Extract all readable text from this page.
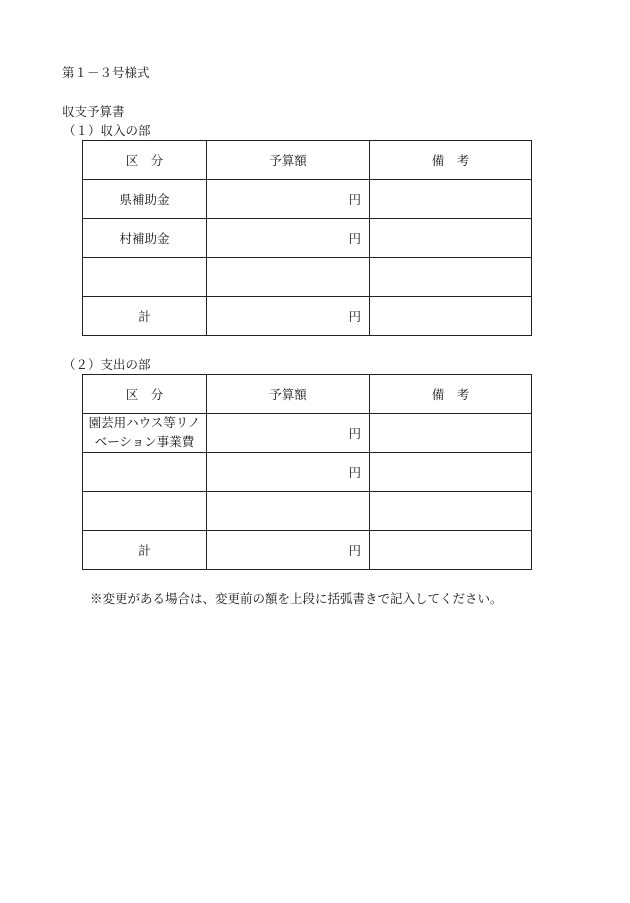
第１－３号様式
収支予算書
（１）収入の部
区　分	予算額	備　考
県補助金	円	
村補助金	円	

計	円	
（２）支出の部
区　分	予算額	備　考
園芸用ハウス等リノベーション事業費	円	
	円	

計	円	
※変更がある場合は、変更前の額を上段に括弧書きで記入してください。
